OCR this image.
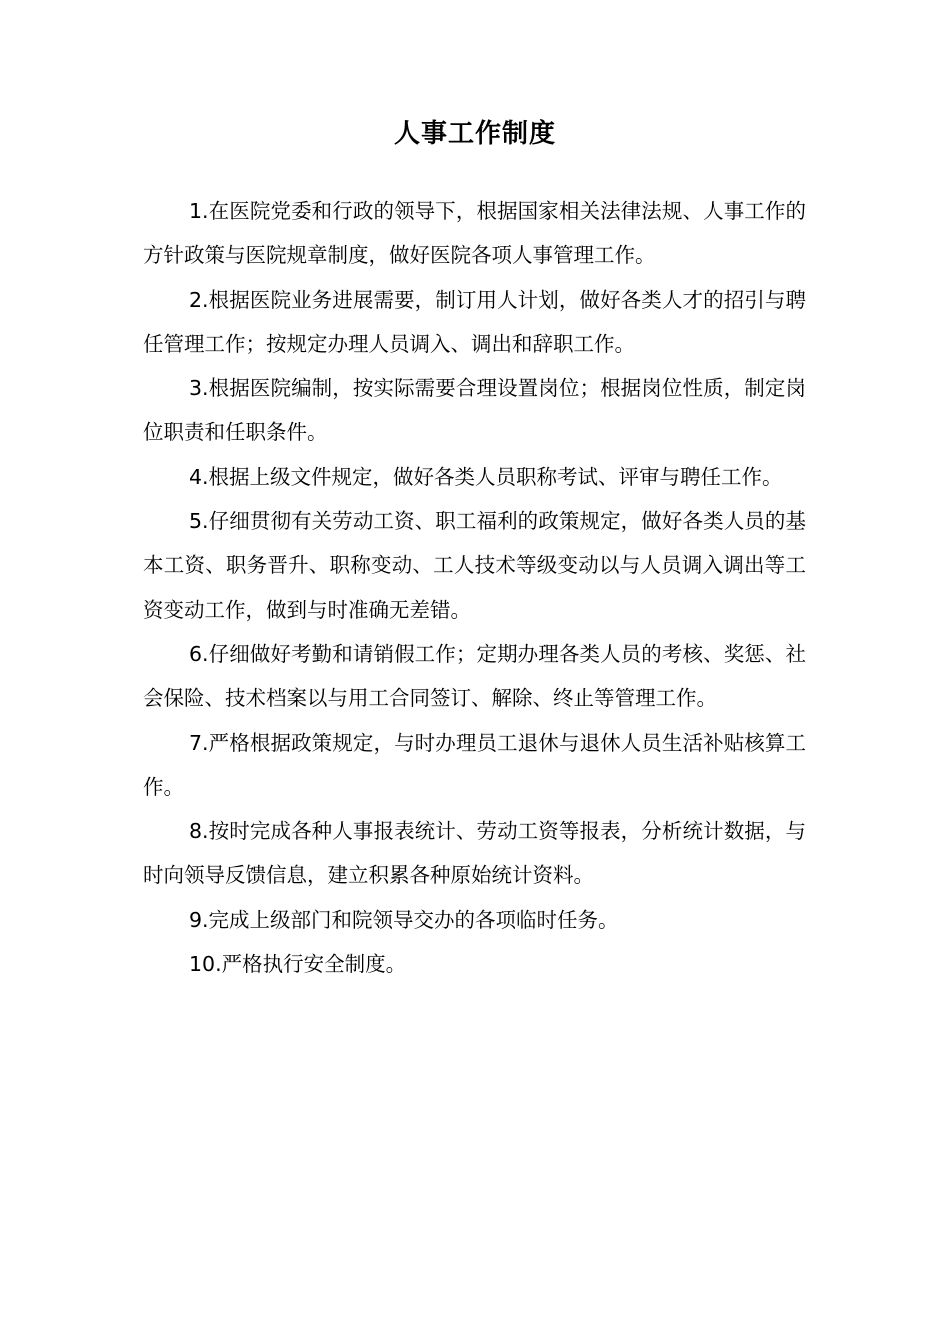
人事工作制度

1.在医院党委和行政的领导下，根据国家相关法律法规、人事工作的方针政策与医院规章制度，做好医院各项人事管理工作。

2.根据医院业务进展需要，制订用人计划，做好各类人才的招引与聘任管理工作；按规定办理人员调入、调出和辞职工作。

3.根据医院编制，按实际需要合理设置岗位；根据岗位性质，制定岗位职责和任职条件。

4.根据上级文件规定，做好各类人员职称考试、评审与聘任工作。

5.仔细贯彻有关劳动工资、职工福利的政策规定，做好各类人员的基本工资、职务晋升、职称变动、工人技术等级变动以与人员调入调出等工资变动工作，做到与时准确无差错。

6.仔细做好考勤和请销假工作；定期办理各类人员的考核、奖惩、社会保险、技术档案以与用工合同签订、解除、终止等管理工作。

7.严格根据政策规定，与时办理员工退休与退休人员生活补贴核算工作。

8.按时完成各种人事报表统计、劳动工资等报表，分析统计数据，与时向领导反馈信息，建立积累各种原始统计资料。

9.完成上级部门和院领导交办的各项临时任务。

10.严格执行安全制度。
